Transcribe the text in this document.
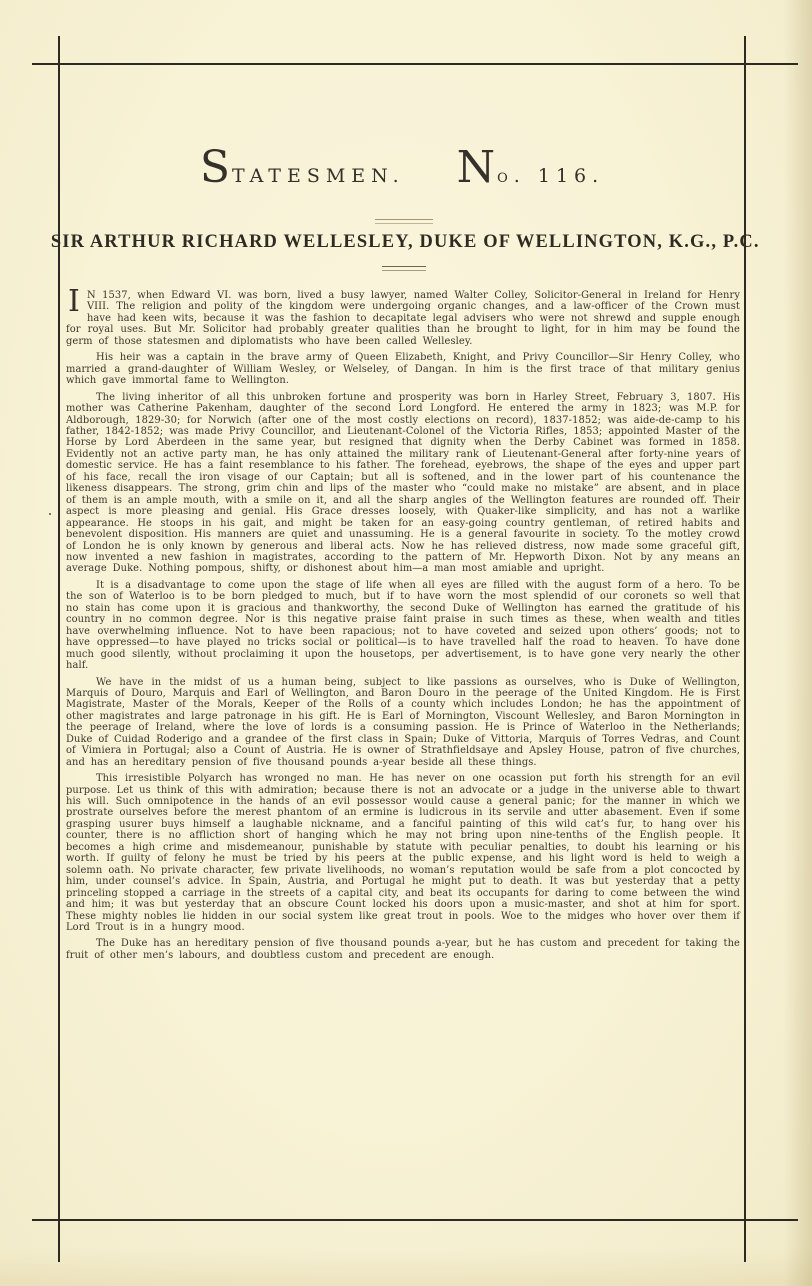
S TATESMEN. N o. 116.
SIR ARTHUR RICHARD WELLESLEY, DUKE OF WELLINGTON, K.G., P.C.

I N 1537, when Edward VI. was born, lived a busy lawyer, named Walter Colley, Solicitor-General in Ireland for Henry VIII. The religion and polity of the kingdom were undergoing organic changes, and a law-officer of the Crown must have had keen wits, because it was the fashion to decapitate legal advisers who were not shrewd and supple enough for royal uses. But Mr. Solicitor had probably greater qualities than he brought to light, for in him may be found the germ of those statesmen and diplomatists who have been called Wellesley.

His heir was a captain in the brave army of Queen Elizabeth, Knight, and Privy Councillor—Sir Henry Colley, who married a grand-daughter of William Wesley, or Welseley, of Dangan. In him is the first trace of that military genius which gave immortal fame to Wellington.

The living inheritor of all this unbroken fortune and prosperity was born in Harley Street, February 3, 1807. His mother was Catherine Pakenham, daughter of the second Lord Longford. He entered the army in 1823; was M.P. for Aldborough, 1829-30; for Norwich (after one of the most costly elections on record), 1837-1852; was aide-de-camp to his father, 1842-1852; was made Privy Councillor, and Lieutenant-Colonel of the Victoria Rifles, 1853; appointed Master of the Horse by Lord Aberdeen in the same year, but resigned that dignity when the Derby Cabinet was formed in 1858. Evidently not an active party man, he has only attained the military rank of Lieutenant-General after forty-nine years of domestic service. He has a faint resemblance to his father. The forehead, eyebrows, the shape of the eyes and upper part of his face, recall the iron visage of our Captain; but all is softened, and in the lower part of his countenance the likeness disappears. The strong, grim chin and lips of the master who “could make no mistake” are absent, and in place of them is an ample mouth, with a smile on it, and all the sharp angles of the Wellington features are rounded off. Their aspect is more pleasing and genial. His Grace dresses loosely, with Quaker-like simplicity, and has not a warlike appearance. He stoops in his gait, and might be taken for an easy-going country gentleman, of retired habits and benevolent disposition. His manners are quiet and unassuming. He is a general favourite in society. To the motley crowd of London he is only known by generous and liberal acts. Now he has relieved distress, now made some graceful gift, now invented a new fashion in magistrates, according to the pattern of Mr. Hepworth Dixon. Not by any means an average Duke. Nothing pompous, shifty, or dishonest about him—a man most amiable and upright.

It is a disadvantage to come upon the stage of life when all eyes are filled with the august form of a hero. To be the son of Waterloo is to be born pledged to much, but if to have worn the most splendid of our coronets so well that no stain has come upon it is gracious and thankworthy, the second Duke of Wellington has earned the gratitude of his country in no common degree. Nor is this negative praise faint praise in such times as these, when wealth and titles have overwhelming influence. Not to have been rapacious; not to have coveted and seized upon others’ goods; not to have oppressed—to have played no tricks social or political—is to have travelled half the road to heaven. To have done much good silently, without proclaiming it upon the housetops, per advertisement, is to have gone very nearly the other half.

We have in the midst of us a human being, subject to like passions as ourselves, who is Duke of Wellington, Marquis of Douro, Marquis and Earl of Wellington, and Baron Douro in the peerage of the United Kingdom. He is First Magistrate, Master of the Morals, Keeper of the Rolls of a county which includes London; he has the appointment of other magistrates and large patronage in his gift. He is Earl of Mornington, Viscount Wellesley, and Baron Mornington in the peerage of Ireland, where the love of lords is a consuming passion. He is Prince of Waterloo in the Netherlands; Duke of Cuidad Roderigo and a grandee of the first class in Spain; Duke of Vittoria, Marquis of Torres Vedras, and Count of Vimiera in Portugal; also a Count of Austria. He is owner of Strathfieldsaye and Apsley House, patron of five churches, and has an hereditary pension of five thousand pounds a-year beside all these things.

This irresistible Polyarch has wronged no man. He has never on one ocassion put forth his strength for an evil purpose. Let us think of this with admiration; because there is not an advocate or a judge in the universe able to thwart his will. Such omnipotence in the hands of an evil possessor would cause a general panic; for the manner in which we prostrate ourselves before the merest phantom of an ermine is ludicrous in its servile and utter abasement. Even if some grasping usurer buys himself a laughable nickname, and a fanciful painting of this wild cat’s fur, to hang over his counter, there is no affliction short of hanging which he may not bring upon nine-tenths of the English people. It becomes a high crime and misdemeanour, punishable by statute with peculiar penalties, to doubt his learning or his worth. If guilty of felony he must be tried by his peers at the public expense, and his light word is held to weigh a solemn oath. No private character, few private livelihoods, no woman’s reputation would be safe from a plot concocted by him, under counsel’s advice. In Spain, Austria, and Portugal he might put to death. It was but yesterday that a petty princeling stopped a carriage in the streets of a capital city, and beat its occupants for daring to come between the wind and him; it was but yesterday that an obscure Count locked his doors upon a music-master, and shot at him for sport. These mighty nobles lie hidden in our social system like great trout in pools. Woe to the midges who hover over them if Lord Trout is in a hungry mood.

The Duke has an hereditary pension of five thousand pounds a-year, but he has custom and precedent for taking the fruit of other men’s labours, and doubtless custom and precedent are enough.
